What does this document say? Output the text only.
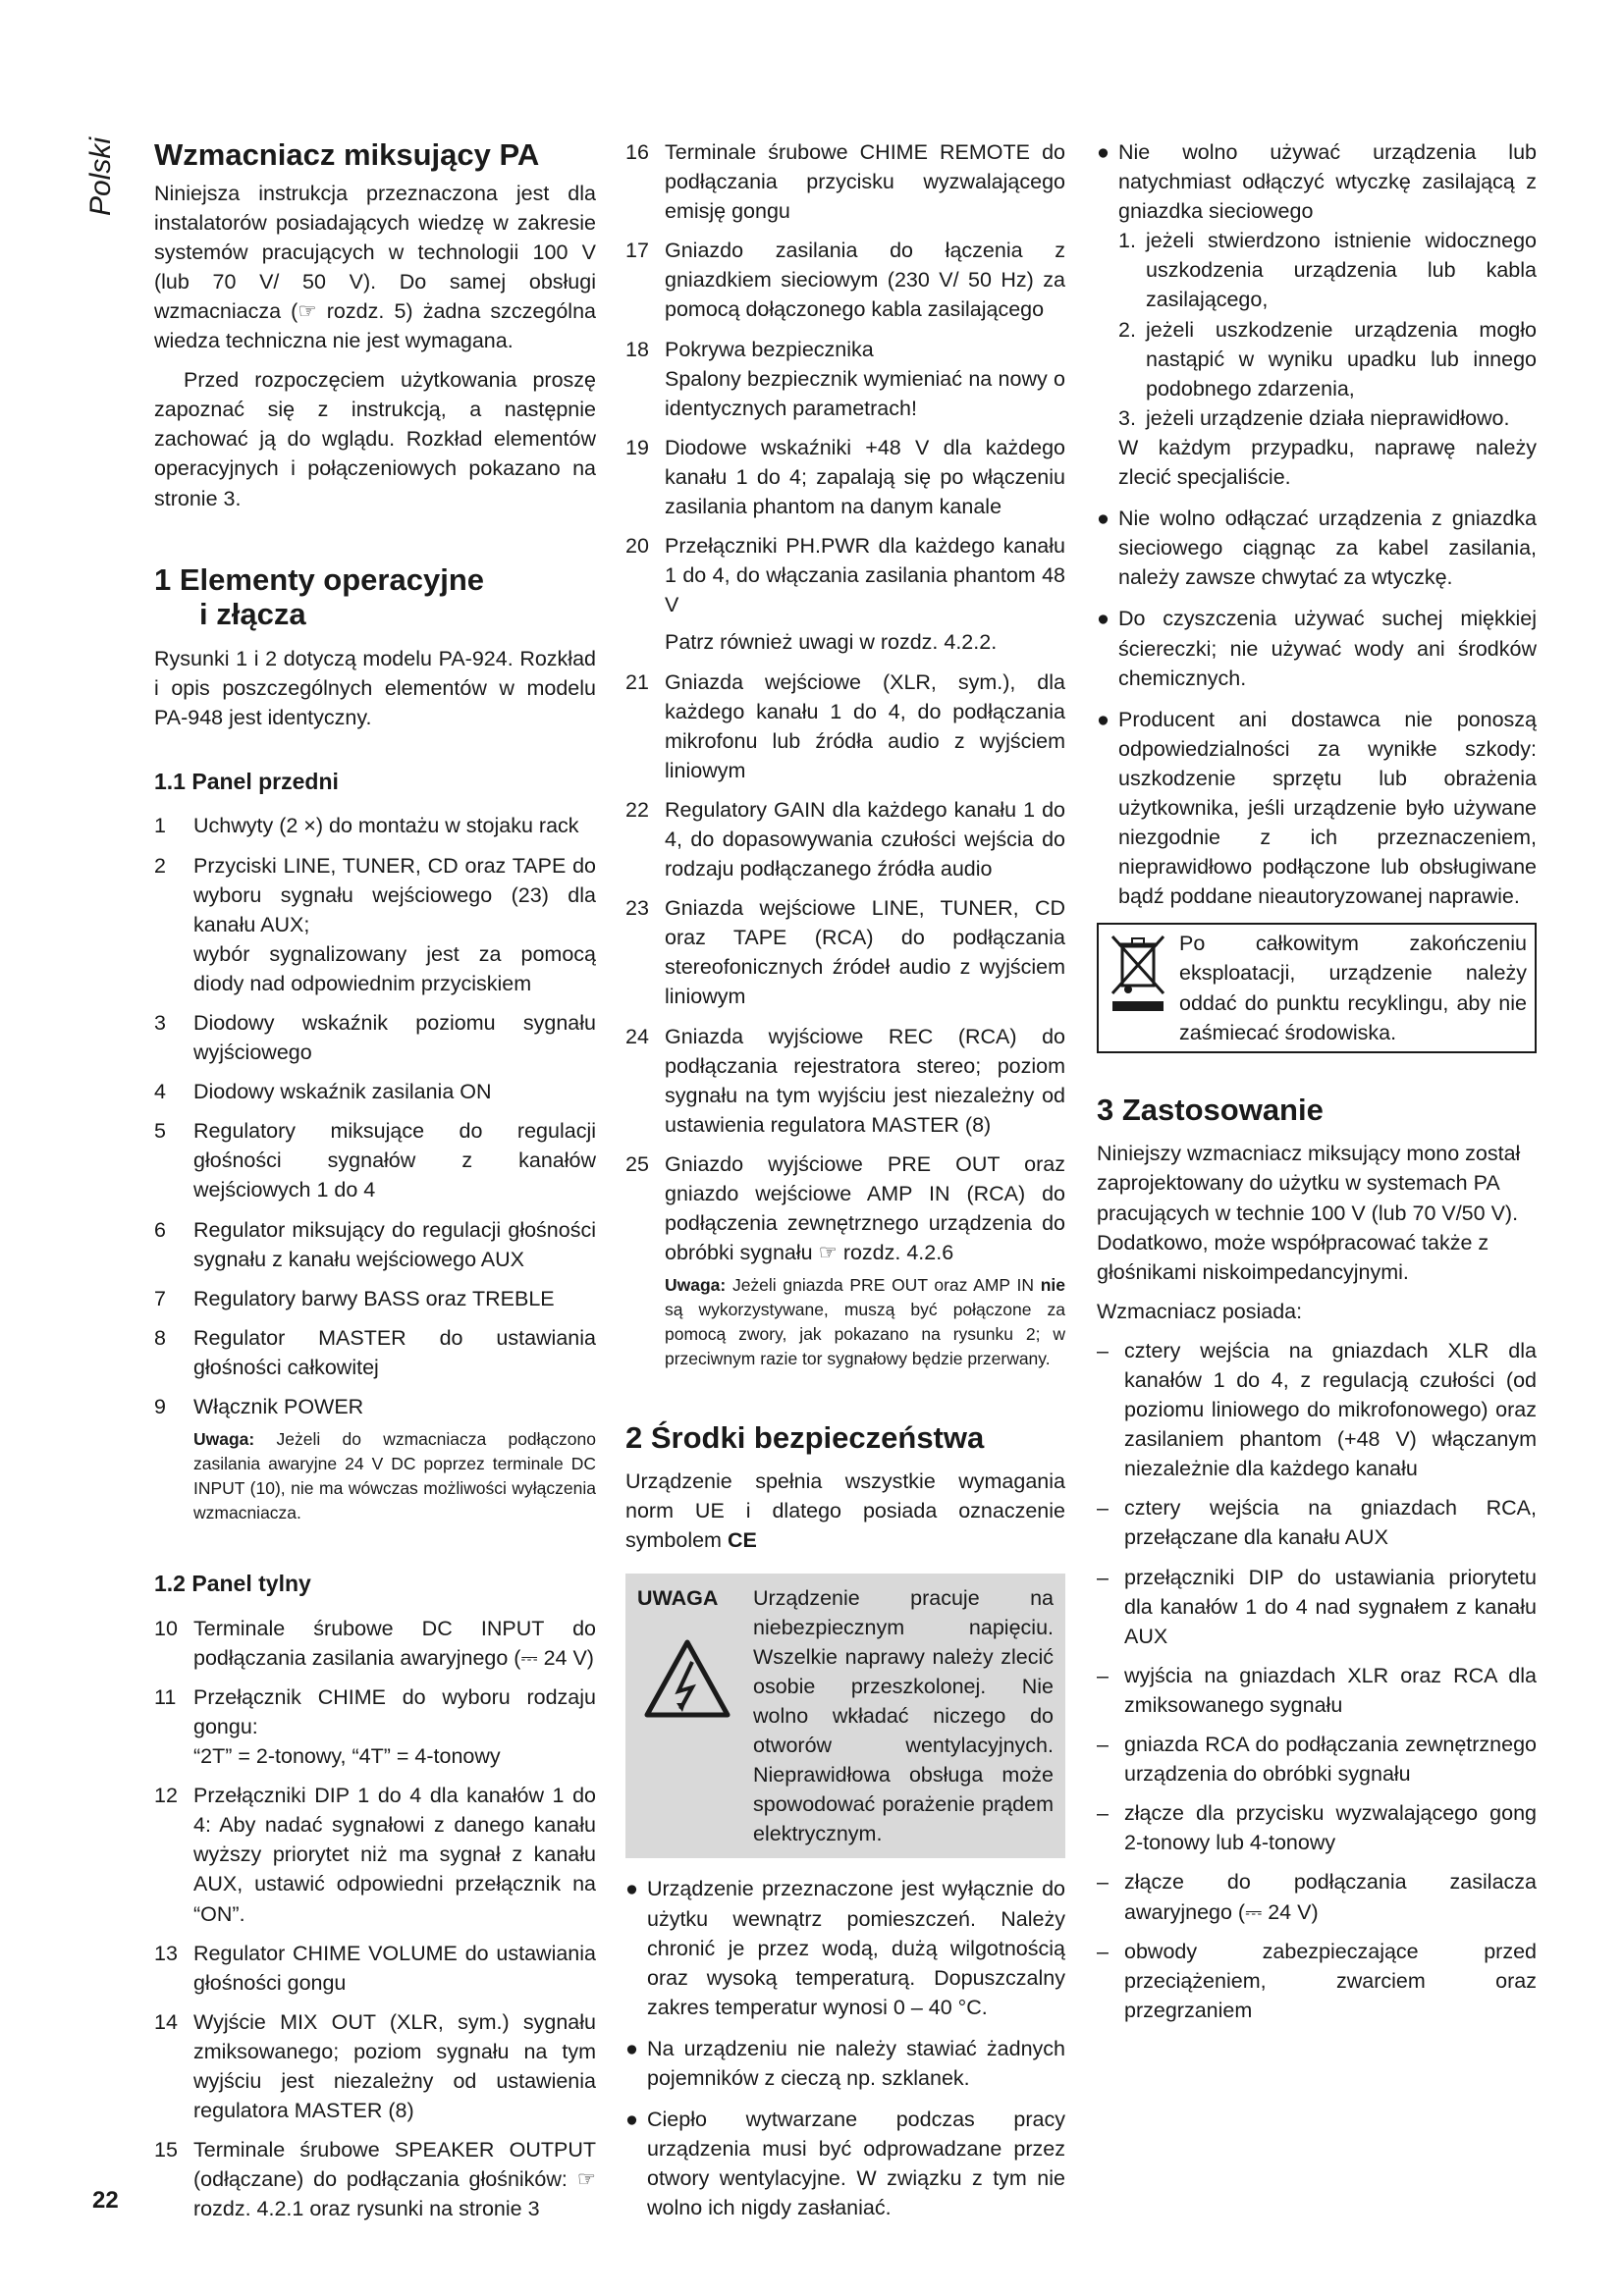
Polski Wzmacniacz miksujący PA

Niniejsza instrukcja przeznaczona jest dla instalatorów posiadających wiedzę w zakresie systemów pracujących w technologii 100 V (lub 70 V/ 50 V). Do samej obsługi wzmacniacza (☞ rozdz. 5) żadna szczególna wiedza techniczna nie jest wymagana.

Przed rozpoczęciem użytkowania proszę zapoznać się z instrukcją, a następnie zachować ją do wglądu. Rozkład elementów operacyjnych i połączeniowych pokazano na stronie 3.

1 Elementy operacyjne
i złącza

Rysunki 1 i 2 dotyczą modelu PA-924. Rozkład i opis poszczególnych elementów w modelu PA-948 jest identyczny.

1.1 Panel przedni
1	Uchwyty (2 ×) do montażu w stojaku rack
2	Przyciski LINE, TUNER, CD oraz TAPE do wyboru sygnału wejściowego (23) dla kanału AUX;
wybór sygnalizowany jest za pomocą diody nad odpowiednim przyciskiem
3	Diodowy wskaźnik poziomu sygnału wyjściowego
4	Diodowy wskaźnik zasilania ON
5	Regulatory miksujące do regulacji głośności sygnałów z kanałów wejściowych 1 do 4
6	Regulator miksujący do regulacji głośności sygnału z kanału wejściowego AUX
7	Regulatory barwy BASS oraz TREBLE
8	Regulator MASTER do ustawiania głośności całkowitej
9	Włącznik POWER
Uwaga: Jeżeli do wzmacniacza podłączono zasilania awaryjne 24 V DC poprzez terminale DC INPUT (10), nie ma wówczas możliwości wyłączenia wzmacniacza.
1.2 Panel tylny
10 Terminale śrubowe DC INPUT do podłączania zasilania awaryjnego (⎓ 24 V)
11 Przełącznik CHIME do wyboru rodzaju gongu:
“2T” = 2-tonowy, “4T” = 4-tonowy
12 Przełączniki DIP 1 do 4 dla kanałów 1 do 4: Aby nadać sygnałowi z danego kanału wyższy priorytet niż ma sygnał z kanału AUX, ustawić odpowiedni przełącznik na “ON”.
13 Regulator CHIME VOLUME do ustawiania głośności gongu
14 Wyjście MIX OUT (XLR, sym.) sygnału zmiksowanego; poziom sygnału na tym wyjściu jest niezależny od ustawienia regulatora MASTER (8)
15 Terminale śrubowe SPEAKER OUTPUT (odłączane) do podłączania głośników: ☞ rozdz. 4.2.1 oraz rysunki na stronie 3
16 Terminale śrubowe CHIME REMOTE do podłączania przycisku wyzwalającego emisję gongu
17 Gniazdo zasilania do łączenia z gniazdkiem sieciowym (230 V/ 50 Hz) za pomocą dołączonego kabla zasilającego
18 Pokrywa bezpiecznika
Spalony bezpiecznik wymieniać na nowy o identycznych parametrach!
19 Diodowe wskaźniki +48 V dla każdego kanału 1 do 4; zapalają się po włączeniu zasilania phantom na danym kanale
20 Przełączniki PH.PWR dla każdego kanału 1 do 4, do włączania zasilania phantom 48 V

Patrz również uwagi w rozdz. 4.2.2.
21 Gniazda wejściowe (XLR, sym.), dla każdego kanału 1 do 4, do podłączania mikrofonu lub źródła audio z wyjściem liniowym
22 Regulatory GAIN dla każdego kanału 1 do 4, do dopasowywania czułości wejścia do rodzaju podłączanego źródła audio
23 Gniazda wejściowe LINE, TUNER, CD oraz TAPE (RCA) do podłączania stereofonicznych źródeł audio z wyjściem liniowym
24 Gniazda wyjściowe REC (RCA) do podłączania rejestratora stereo; poziom sygnału na tym wyjściu jest niezależny od ustawienia regulatora MASTER (8)
25 Gniazdo wyjściowe PRE OUT oraz gniazdo wejściowe AMP IN (RCA) do podłączenia zewnętrznego urządzenia do obróbki sygnału ☞ rozdz. 4.2.6
Uwaga: Jeżeli gniazda PRE OUT oraz AMP IN nie są wykorzystywane, muszą być połączone za pomocą zwory, jak pokazano na rysunku 2; w przeciwnym razie tor sygnałowy będzie przerwany.
2 Środki bezpieczeństwa

Urządzenie spełnia wszystkie wymagania norm UE i dlatego posiada oznaczenie symbolem CE

UWAGA	Urządzenie pracuje na niebezpiecznym napięciu. Wszelkie naprawy należy zlecić osobie przeszkolonej. Nie wolno wkładać niczego do otworów wentylacyjnych. Nieprawidłowa obsługa może spowodować porażenie prądem elektrycznym.
● Urządzenie przeznaczone jest wyłącznie do użytku wewnątrz pomieszczeń. Należy chronić je przez wodą, dużą wilgotnością oraz wysoką temperaturą. Dopuszczalny zakres temperatur wynosi 0 – 40 °C.
● Na urządzeniu nie należy stawiać żadnych pojemników z cieczą np. szklanek.
● Ciepło wytwarzane podczas pracy urządzenia musi być odprowadzane przez otwory wentylacyjne. W związku z tym nie wolno ich nigdy zasłaniać.
● Nie wolno używać urządzenia lub natychmiast odłączyć wtyczkę zasilającą z gniazdka sieciowego
1. jeżeli stwierdzono istnienie widocznego uszkodzenia urządzenia lub kabla zasilającego,
2. jeżeli uszkodzenie urządzenia mogło nastąpić w wyniku upadku lub innego podobnego zdarzenia,
3. jeżeli urządzenie działa nieprawidłowo.
W każdym przypadku, naprawę należy zlecić specjaliście.
● Nie wolno odłączać urządzenia z gniazdka sieciowego ciągnąc za kabel zasilania, należy zawsze chwytać za wtyczkę.
● Do czyszczenia używać suchej miękkiej ściereczki; nie używać wody ani środków chemicznych.
● Producent ani dostawca nie ponoszą odpowiedzialności za wynikłe szkody: uszkodzenie sprzętu lub obrażenia użytkownika, jeśli urządzenie było używane niezgodnie z ich przeznaczeniem, nieprawidłowo podłączone lub obsługiwane bądź poddane nieautoryzowanej naprawie.
Po całkowitym zakończeniu eksploatacji, urządzenie należy oddać do punktu recyklingu, aby nie zaśmiecać środowiska.
3 Zastosowanie

Niniejszy wzmacniacz miksujący mono został zaprojektowany do użytku w systemach PA pracujących w technie 100 V (lub 70 V/50 V). Dodatkowo, może współpracować także z głośnikami niskoimpedancyjnymi.

Wzmacniacz posiada:

– cztery wejścia na gniazdach XLR dla kanałów 1 do 4, z regulacją czułości (od poziomu liniowego do mikrofonowego) oraz zasilaniem phantom (+48 V) włączanym niezależnie dla każdego kanału
– cztery wejścia na gniazdach RCA, przełączane dla kanału AUX
– przełączniki DIP do ustawiania priorytetu dla kanałów 1 do 4 nad sygnałem z kanału AUX
– wyjścia na gniazdach XLR oraz RCA dla zmiksowanego sygnału
– gniazda RCA do podłączania zewnętrznego urządzenia do obróbki sygnału
– złącze dla przycisku wyzwalającego gong 2-tonowy lub 4-tonowy
– złącze do podłączania zasilacza awaryjnego (⎓ 24 V)
– obwody zabezpieczające przed przeciążeniem, zwarciem oraz przegrzaniem
22
